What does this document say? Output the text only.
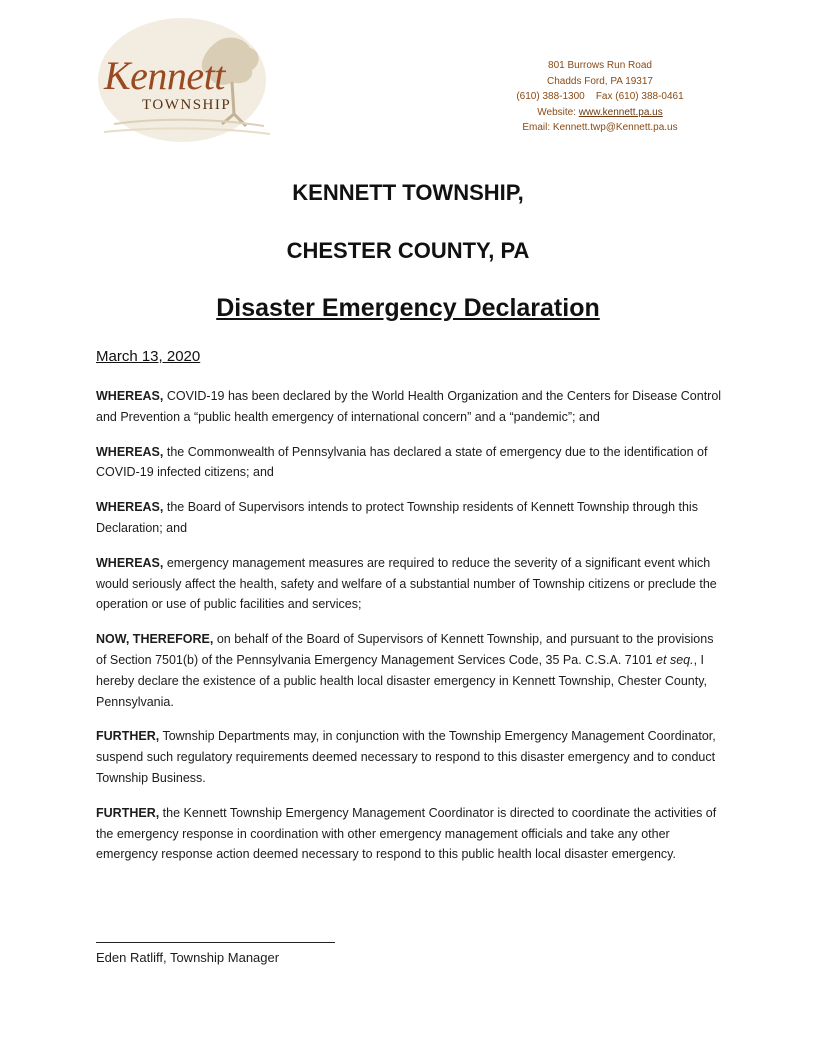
Kennett
TOWNSHIP
801 Burrows Run Road
Chadds Ford, PA 19317
(610) 388-1300    Fax (610) 388-0461
Website: www.kennett.pa.us
Email: Kennett.twp@Kennett.pa.us
KENNETT TOWNSHIP,
CHESTER COUNTY, PA
Disaster Emergency Declaration
March 13, 2020

WHEREAS, COVID-19 has been declared by the World Health Organization and the Centers for Disease Control and Prevention a “public health emergency of international concern” and a “pandemic”; and

WHEREAS, the Commonwealth of Pennsylvania has declared a state of emergency due to the identification of COVID-19 infected citizens; and

WHEREAS, the Board of Supervisors intends to protect Township residents of Kennett Township through this Declaration; and

WHEREAS, emergency management measures are required to reduce the severity of a significant event which would seriously affect the health, safety and welfare of a substantial number of Township citizens or preclude the operation or use of public facilities and services;

NOW, THEREFORE, on behalf of the Board of Supervisors of Kennett Township, and pursuant to the provisions of Section 7501(b) of the Pennsylvania Emergency Management Services Code, 35 Pa. C.S.A. 7101 et seq., I hereby declare the existence of a public health local disaster emergency in Kennett Township, Chester County, Pennsylvania.

FURTHER, Township Departments may, in conjunction with the Township Emergency Management Coordinator, suspend such regulatory requirements deemed necessary to respond to this disaster emergency and to conduct Township Business.

FURTHER, the Kennett Township Emergency Management Coordinator is directed to coordinate the activities of the emergency response in coordination with other emergency management officials and take any other emergency response action deemed necessary to respond to this public health local disaster emergency.

Eden Ratliff, Township Manager
